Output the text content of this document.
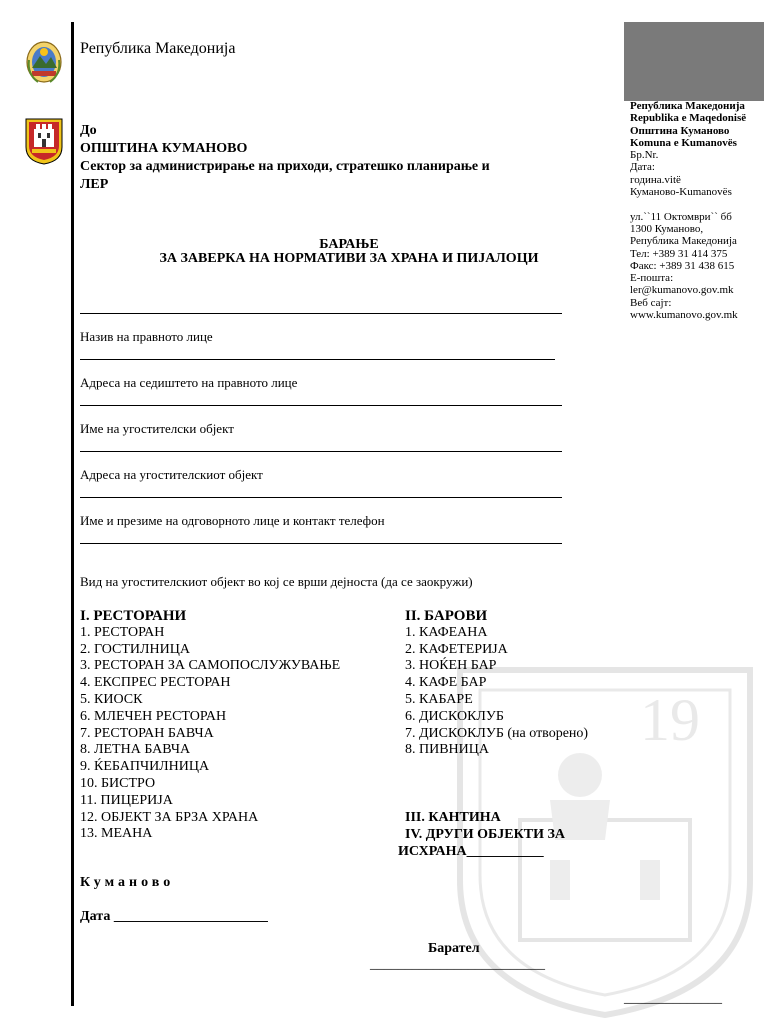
Република Македонија
До
ОПШТИНА КУМАНОВО
Сектор за администрирање на приходи, стратешко планирање и
ЛЕР
Република Македонија
Republika e Maqedonisë
Општина Куманово
Komuna e Kumanovës
Бр.Nr.
Дата:
година.vitë
Куманово-Kumanovës
ул.``11 Октомври`` бб
1300 Куманово,
Република Македонија
Тел: +389 31 414 375
Факс: +389 31 438 615
Е-пошта:
ler@kumanovo.gov.mk
Веб сајт:
www.kumanovo.gov.mk
БАРАЊЕ
ЗА ЗАВЕРКА НА НОРМАТИВИ ЗА ХРАНА И ПИЈАЛОЦИ
Назив на правното лице
Адреса на седиштето на правното лице
Име на угостителски објект
Адреса на угостителскиот објект
Име и презиме на одговорното лице и контакт телефон
Вид на угостителскиот објект во кој се врши дејноста (да се заокружи)
19
I. РЕСТОРАНИ
1. РЕСТОРАН
2. ГОСТИЛНИЦА
3. РЕСТОРАН ЗА САМОПОСЛУЖУВАЊЕ
4. ЕКСПРЕС РЕСТОРАН
5. КИОСК
6. МЛЕЧЕН РЕСТОРАН
7. РЕСТОРАН БАВЧА
8. ЛЕТНА БАВЧА
9. ЌЕБАПЧИЛНИЦА
10. БИСТРО
11. ПИЦЕРИЈА
12. ОБЈЕКТ ЗА БРЗА ХРАНА
13. МЕАНА
II. БАРОВИ
1. КАФЕАНА
2. КАФЕТЕРИЈА
3. НОЌЕН БАР
4. КАФЕ БАР
5. КАБАРЕ
6. ДИСКОКЛУБ
7. ДИСКОКЛУБ (на отворено)
8. ПИВНИЦА
III. КАНТИНА
IV. ДРУГИ ОБЈЕКТИ ЗА
ИСХРАНА___________
Куманово
Дата ______________________
Барател
_________________________
______________
